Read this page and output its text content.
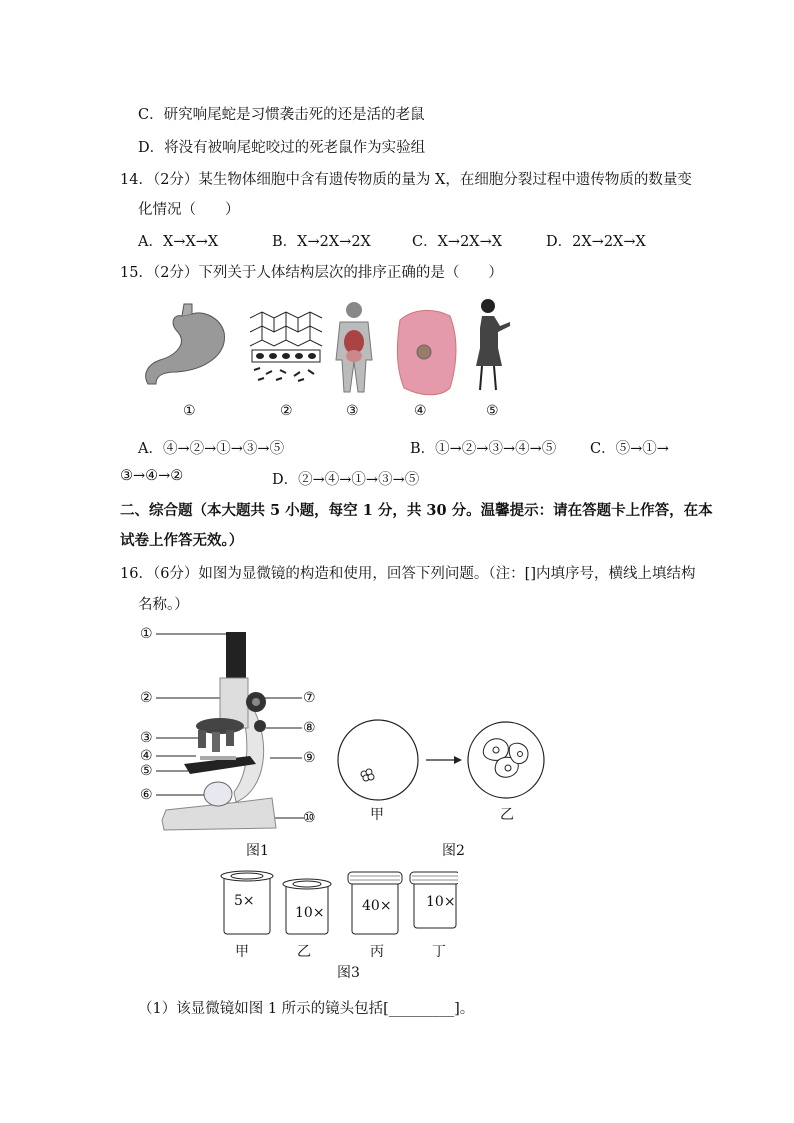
C．研究响尾蛇是习惯袭击死的还是活的老鼠
D．将没有被响尾蛇咬过的死老鼠作为实验组
14．（2分）某生物体细胞中含有遗传物质的量为 X，在细胞分裂过程中遗传物质的数量变
化情况（　　）
A．X→X→X	B．X→2X→2X	C．X→2X→X	D．2X→2X→X
15．（2分）下列关于人体结构层次的排序正确的是（　　）
①	②	③	④	⑤
A．④→②→①→③→⑤	B．①→②→③→④→⑤ C．⑤→①→
③→④→②	D．②→④→①→③→⑤
二、综合题（本大题共 5 小题，每空 1 分，共 30 分。温馨提示：请在答题卡上作答，在本
试卷上作答无效。）
16．（6分）如图为显微镜的构造和使用，回答下列问题。（注：[]内填序号，横线上填结构
名称。）
①
②
③
④
⑤
⑥
⑦
⑧
⑨
⑩
图1
甲	乙
图2
5×
10×	40× 10×
甲	乙	丙	丁
图3
（1）该显微镜如图 1 所示的镜头包括[_________]。
